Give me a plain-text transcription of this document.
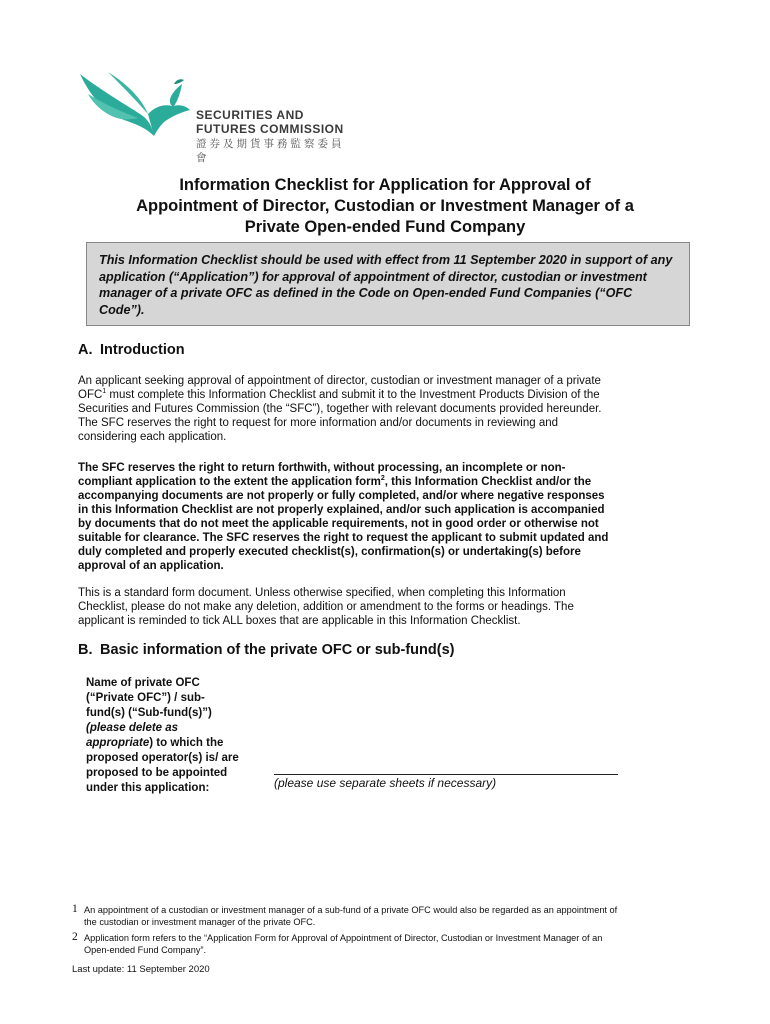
SECURITIES AND
FUTURES COMMISSION
證券及期貨事務監察委員會
Information Checklist for Application for Approval of
Appointment of Director, Custodian or Investment Manager of a
Private Open-ended Fund Company
This Information Checklist should be used with effect from 11 September 2020 in support of any application (“Application”) for approval of appointment of director, custodian or investment manager of a private OFC as defined in the Code on Open-ended Fund Companies (“OFC Code”).
A. Introduction
An applicant seeking approval of appointment of director, custodian or investment manager of a private
OFC$^1$ must complete this Information Checklist and submit it to the Investment Products Division of the
Securities and Futures Commission (the “SFC”), together with relevant documents provided hereunder.
The SFC reserves the right to request for more information and/or documents in reviewing and
considering each application.
The SFC reserves the right to return forthwith, without processing, an incomplete or non-
compliant application to the extent the application form$^2$, this Information Checklist and/or the
accompanying documents are not properly or fully completed, and/or where negative responses
in this Information Checklist are not properly explained, and/or such application is accompanied
by documents that do not meet the applicable requirements, not in good order or otherwise not
suitable for clearance. The SFC reserves the right to request the applicant to submit updated and
duly completed and properly executed checklist(s), confirmation(s) or undertaking(s) before
approval of an application.
This is a standard form document. Unless otherwise specified, when completing this Information
Checklist, please do not make any deletion, addition or amendment to the forms or headings. The
applicant is reminded to tick ALL boxes that are applicable in this Information Checklist.
B. Basic information of the private OFC or sub-fund(s)
Name of private OFC
(“Private OFC”) / sub-
fund(s) (“Sub-fund(s)”)
(please delete as
appropriate) to which the
proposed operator(s) is/ are
proposed to be appointed
under this application:	(please use separate sheets if necessary)
1 An appointment of a custodian or investment manager of a sub-fund of a private OFC would also be regarded as an appointment of
the custodian or investment manager of the private OFC.
2 Application form refers to the “Application Form for Approval of Appointment of Director, Custodian or Investment Manager of an
Open-ended Fund Company”.
Last update: 11 September 2020
